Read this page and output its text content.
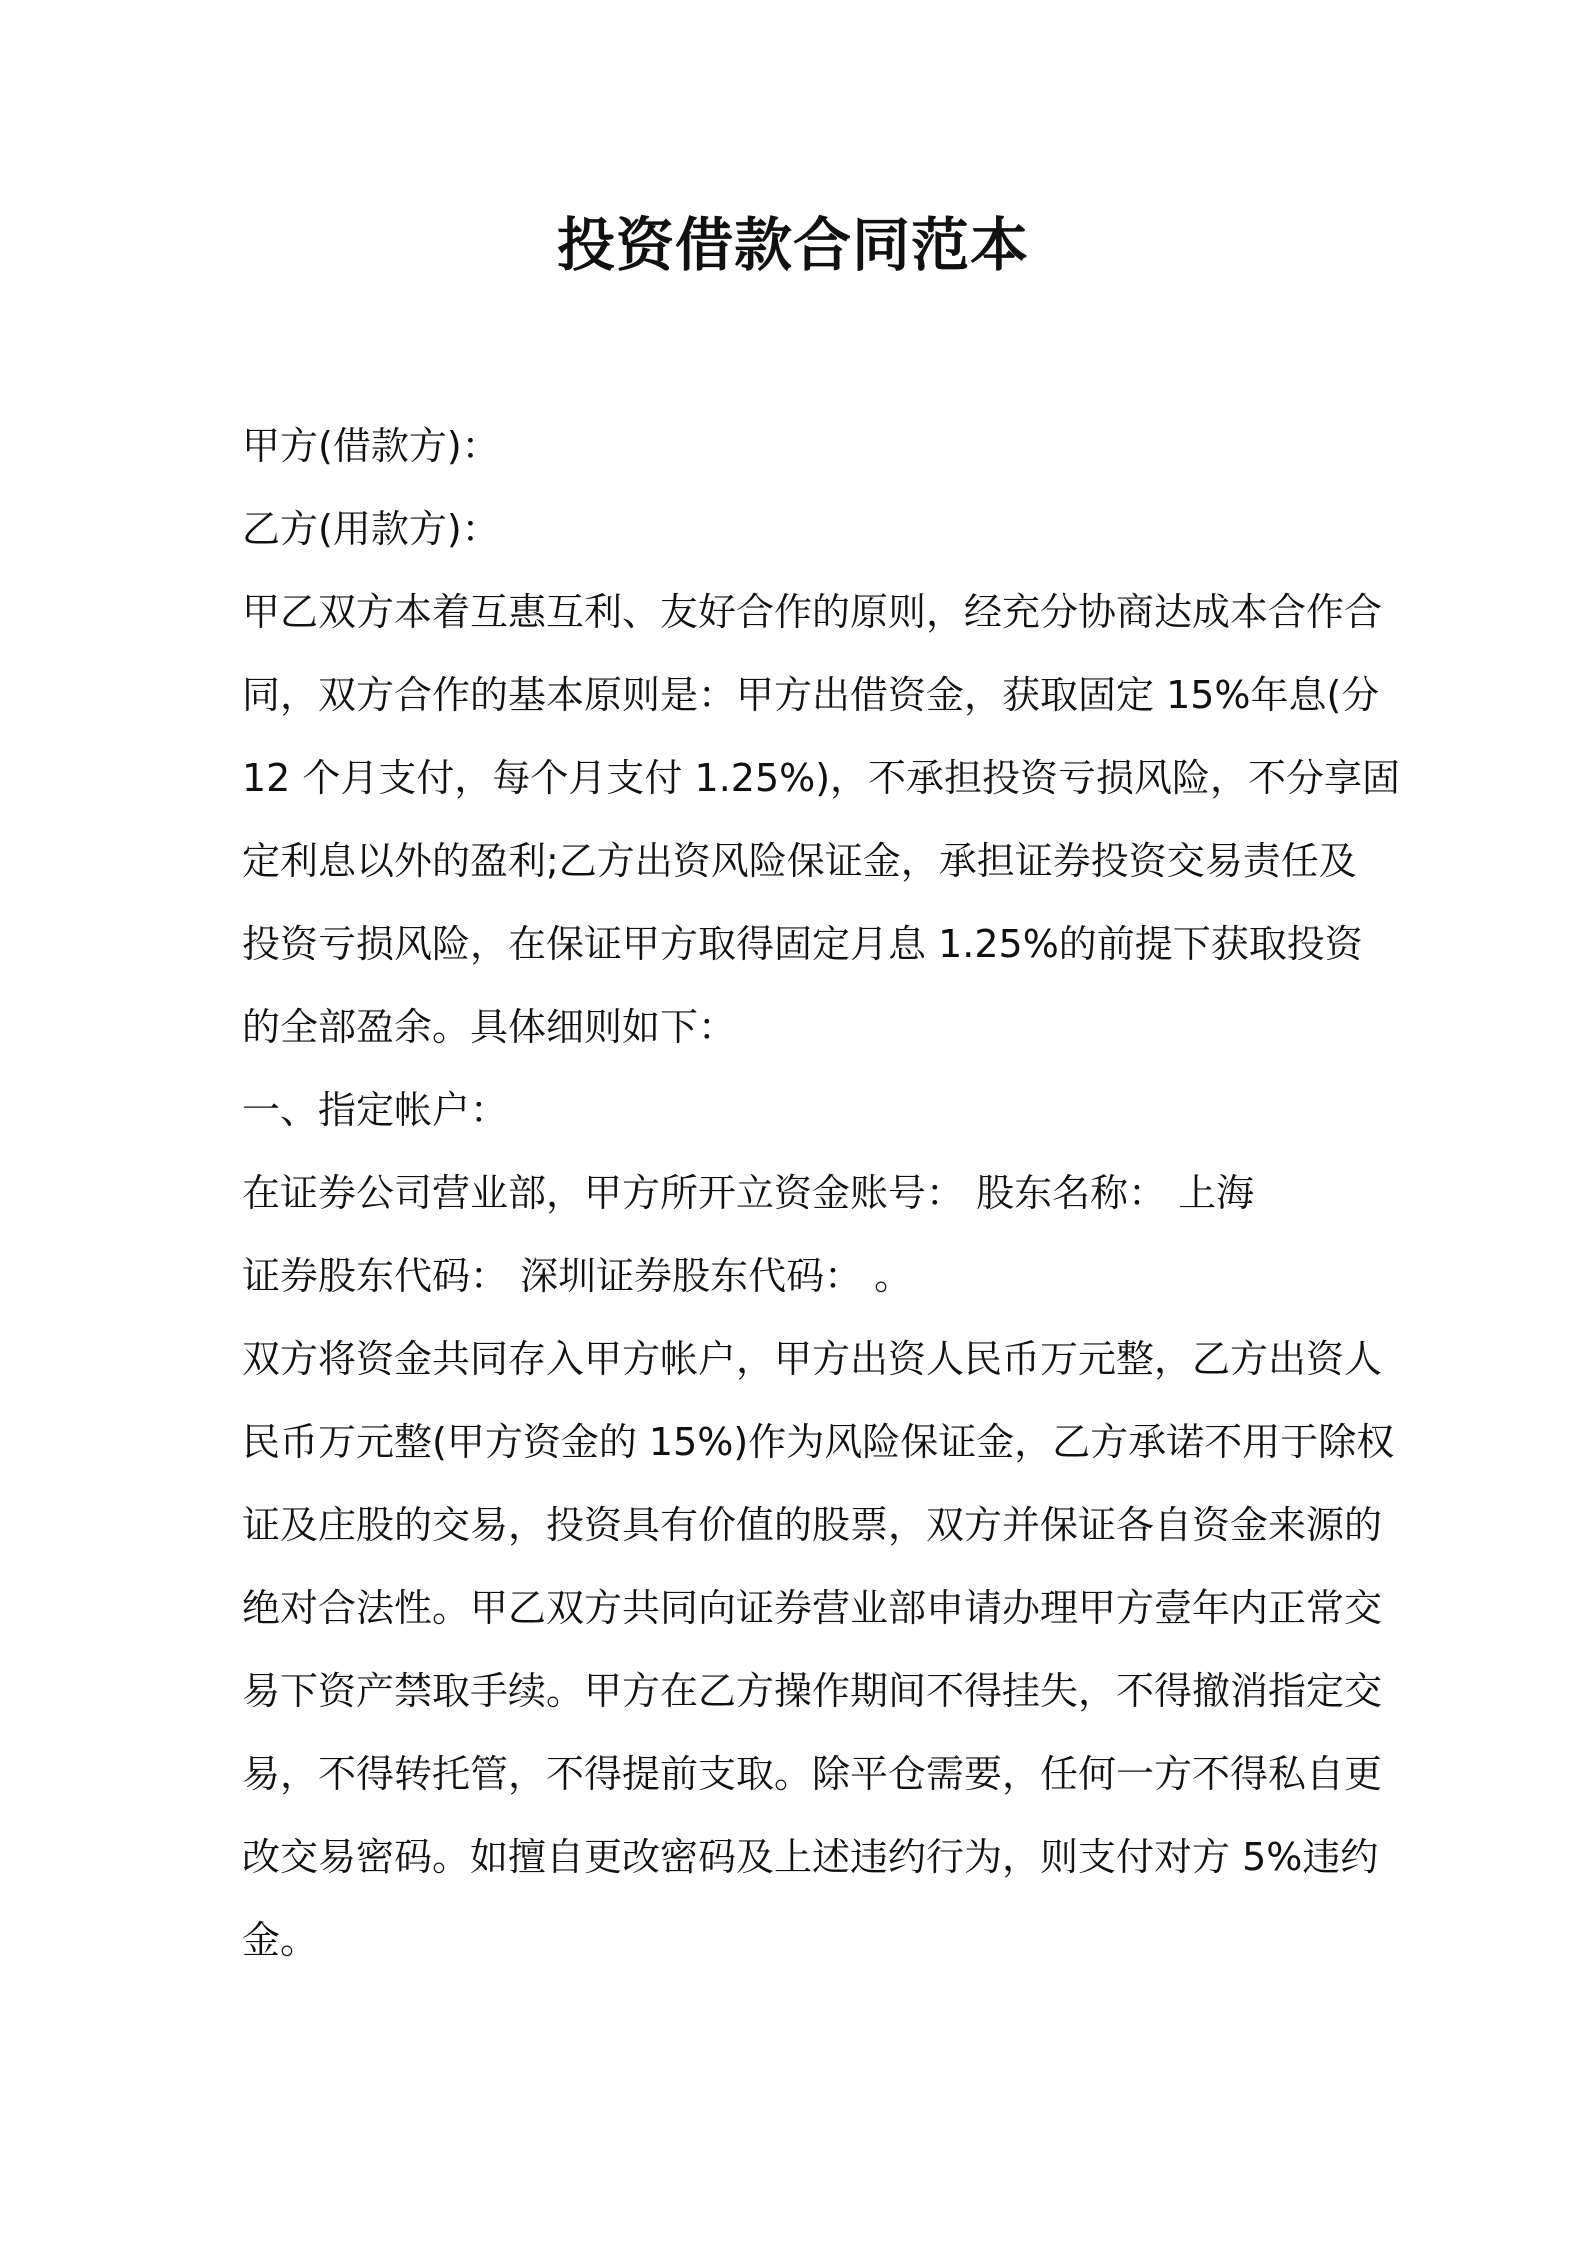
投资借款合同范本
甲方(借款方)：
乙方(用款方)：
甲乙双方本着互惠互利、友好合作的原则，经充分协商达成本合作合
同，双方合作的基本原则是：甲方出借资金，获取固定 15%年息(分
12 个月支付，每个月支付 1.25%)，不承担投资亏损风险，不分享固
定利息以外的盈利;乙方出资风险保证金，承担证券投资交易责任及
投资亏损风险，在保证甲方取得固定月息 1.25%的前提下获取投资
的全部盈余。具体细则如下：
一、指定帐户：
在证券公司营业部，甲方所开立资金账号： 股东名称： 上海
证券股东代码： 深圳证券股东代码： 。
双方将资金共同存入甲方帐户，甲方出资人民币万元整，乙方出资人
民币万元整(甲方资金的 15%)作为风险保证金，乙方承诺不用于除权
证及庄股的交易，投资具有价值的股票，双方并保证各自资金来源的
绝对合法性。甲乙双方共同向证券营业部申请办理甲方壹年内正常交
易下资产禁取手续。甲方在乙方操作期间不得挂失，不得撤消指定交
易，不得转托管，不得提前支取。除平仓需要，任何一方不得私自更
改交易密码。如擅自更改密码及上述违约行为，则支付对方 5%违约
金。
